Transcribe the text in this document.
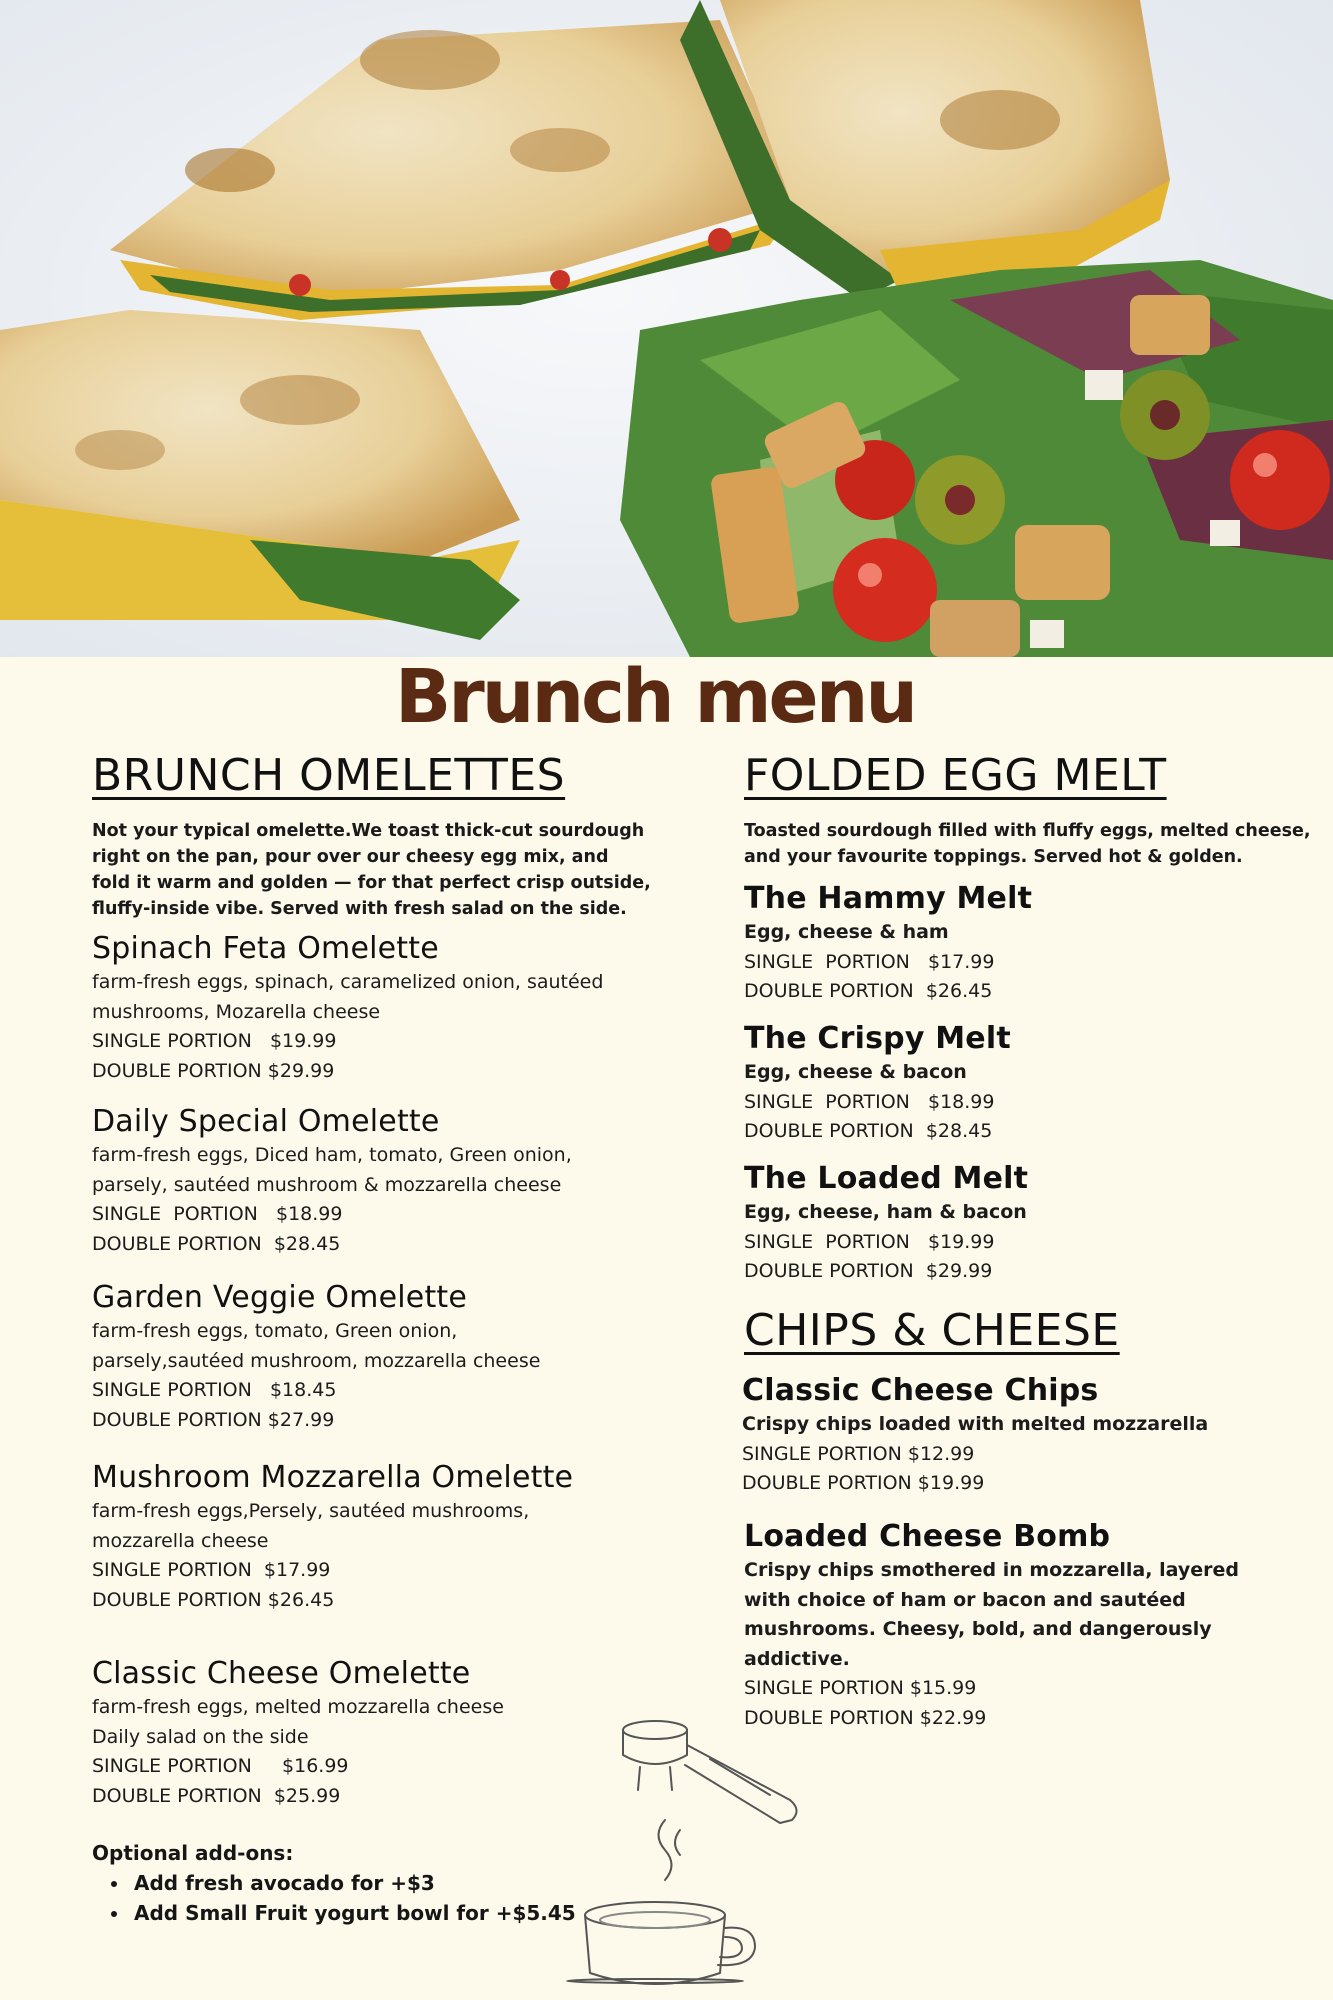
Brunch menu
BRUNCH OMELETTES

Not your typical omelette.We toast thick-cut sourdough right on the pan, pour over our cheesy egg mix, and fold it warm and golden — for that perfect crisp outside, fluffy-inside vibe. Served with fresh salad on the side.

Spinach Feta Omelette
farm-fresh eggs, spinach, caramelized onion, sautéed mushrooms, Mozarella cheese
SINGLE PORTION   $19.99
DOUBLE PORTION $29.99
Daily Special Omelette
farm-fresh eggs, Diced ham, tomato, Green onion, parsely, sautéed mushroom & mozzarella cheese
SINGLE  PORTION   $18.99
DOUBLE PORTION  $28.45
Garden Veggie Omelette
farm-fresh eggs, tomato, Green onion, parsely,sautéed mushroom, mozzarella cheese
SINGLE PORTION   $18.45
DOUBLE PORTION $27.99
Mushroom Mozzarella Omelette
farm-fresh eggs,Persely, sautéed mushrooms, mozzarella cheese
SINGLE PORTION  $17.99
DOUBLE PORTION $26.45
Classic Cheese Omelette
farm-fresh eggs, melted mozzarella cheese
Daily salad on the side
SINGLE PORTION     $16.99
DOUBLE PORTION  $25.99
Optional add-ons:
• Add fresh avocado for +$3
• Add Small Fruit yogurt bowl for +$5.45
FOLDED EGG MELT

Toasted sourdough filled with fluffy eggs, melted cheese, and your favourite toppings. Served hot & golden.

The Hammy Melt
Egg, cheese & ham
SINGLE  PORTION   $17.99
DOUBLE PORTION  $26.45
The Crispy Melt
Egg, cheese & bacon
SINGLE  PORTION   $18.99
DOUBLE PORTION  $28.45
The Loaded Melt
Egg, cheese, ham & bacon
SINGLE  PORTION   $19.99
DOUBLE PORTION  $29.99
CHIPS & CHEESE
Classic Cheese Chips
Crispy chips loaded with melted mozzarella
SINGLE PORTION $12.99
DOUBLE PORTION $19.99
Loaded Cheese Bomb
Crispy chips smothered in mozzarella, layered with choice of ham or bacon and sautéed mushrooms. Cheesy, bold, and dangerously addictive.
SINGLE PORTION $15.99
DOUBLE PORTION $22.99
